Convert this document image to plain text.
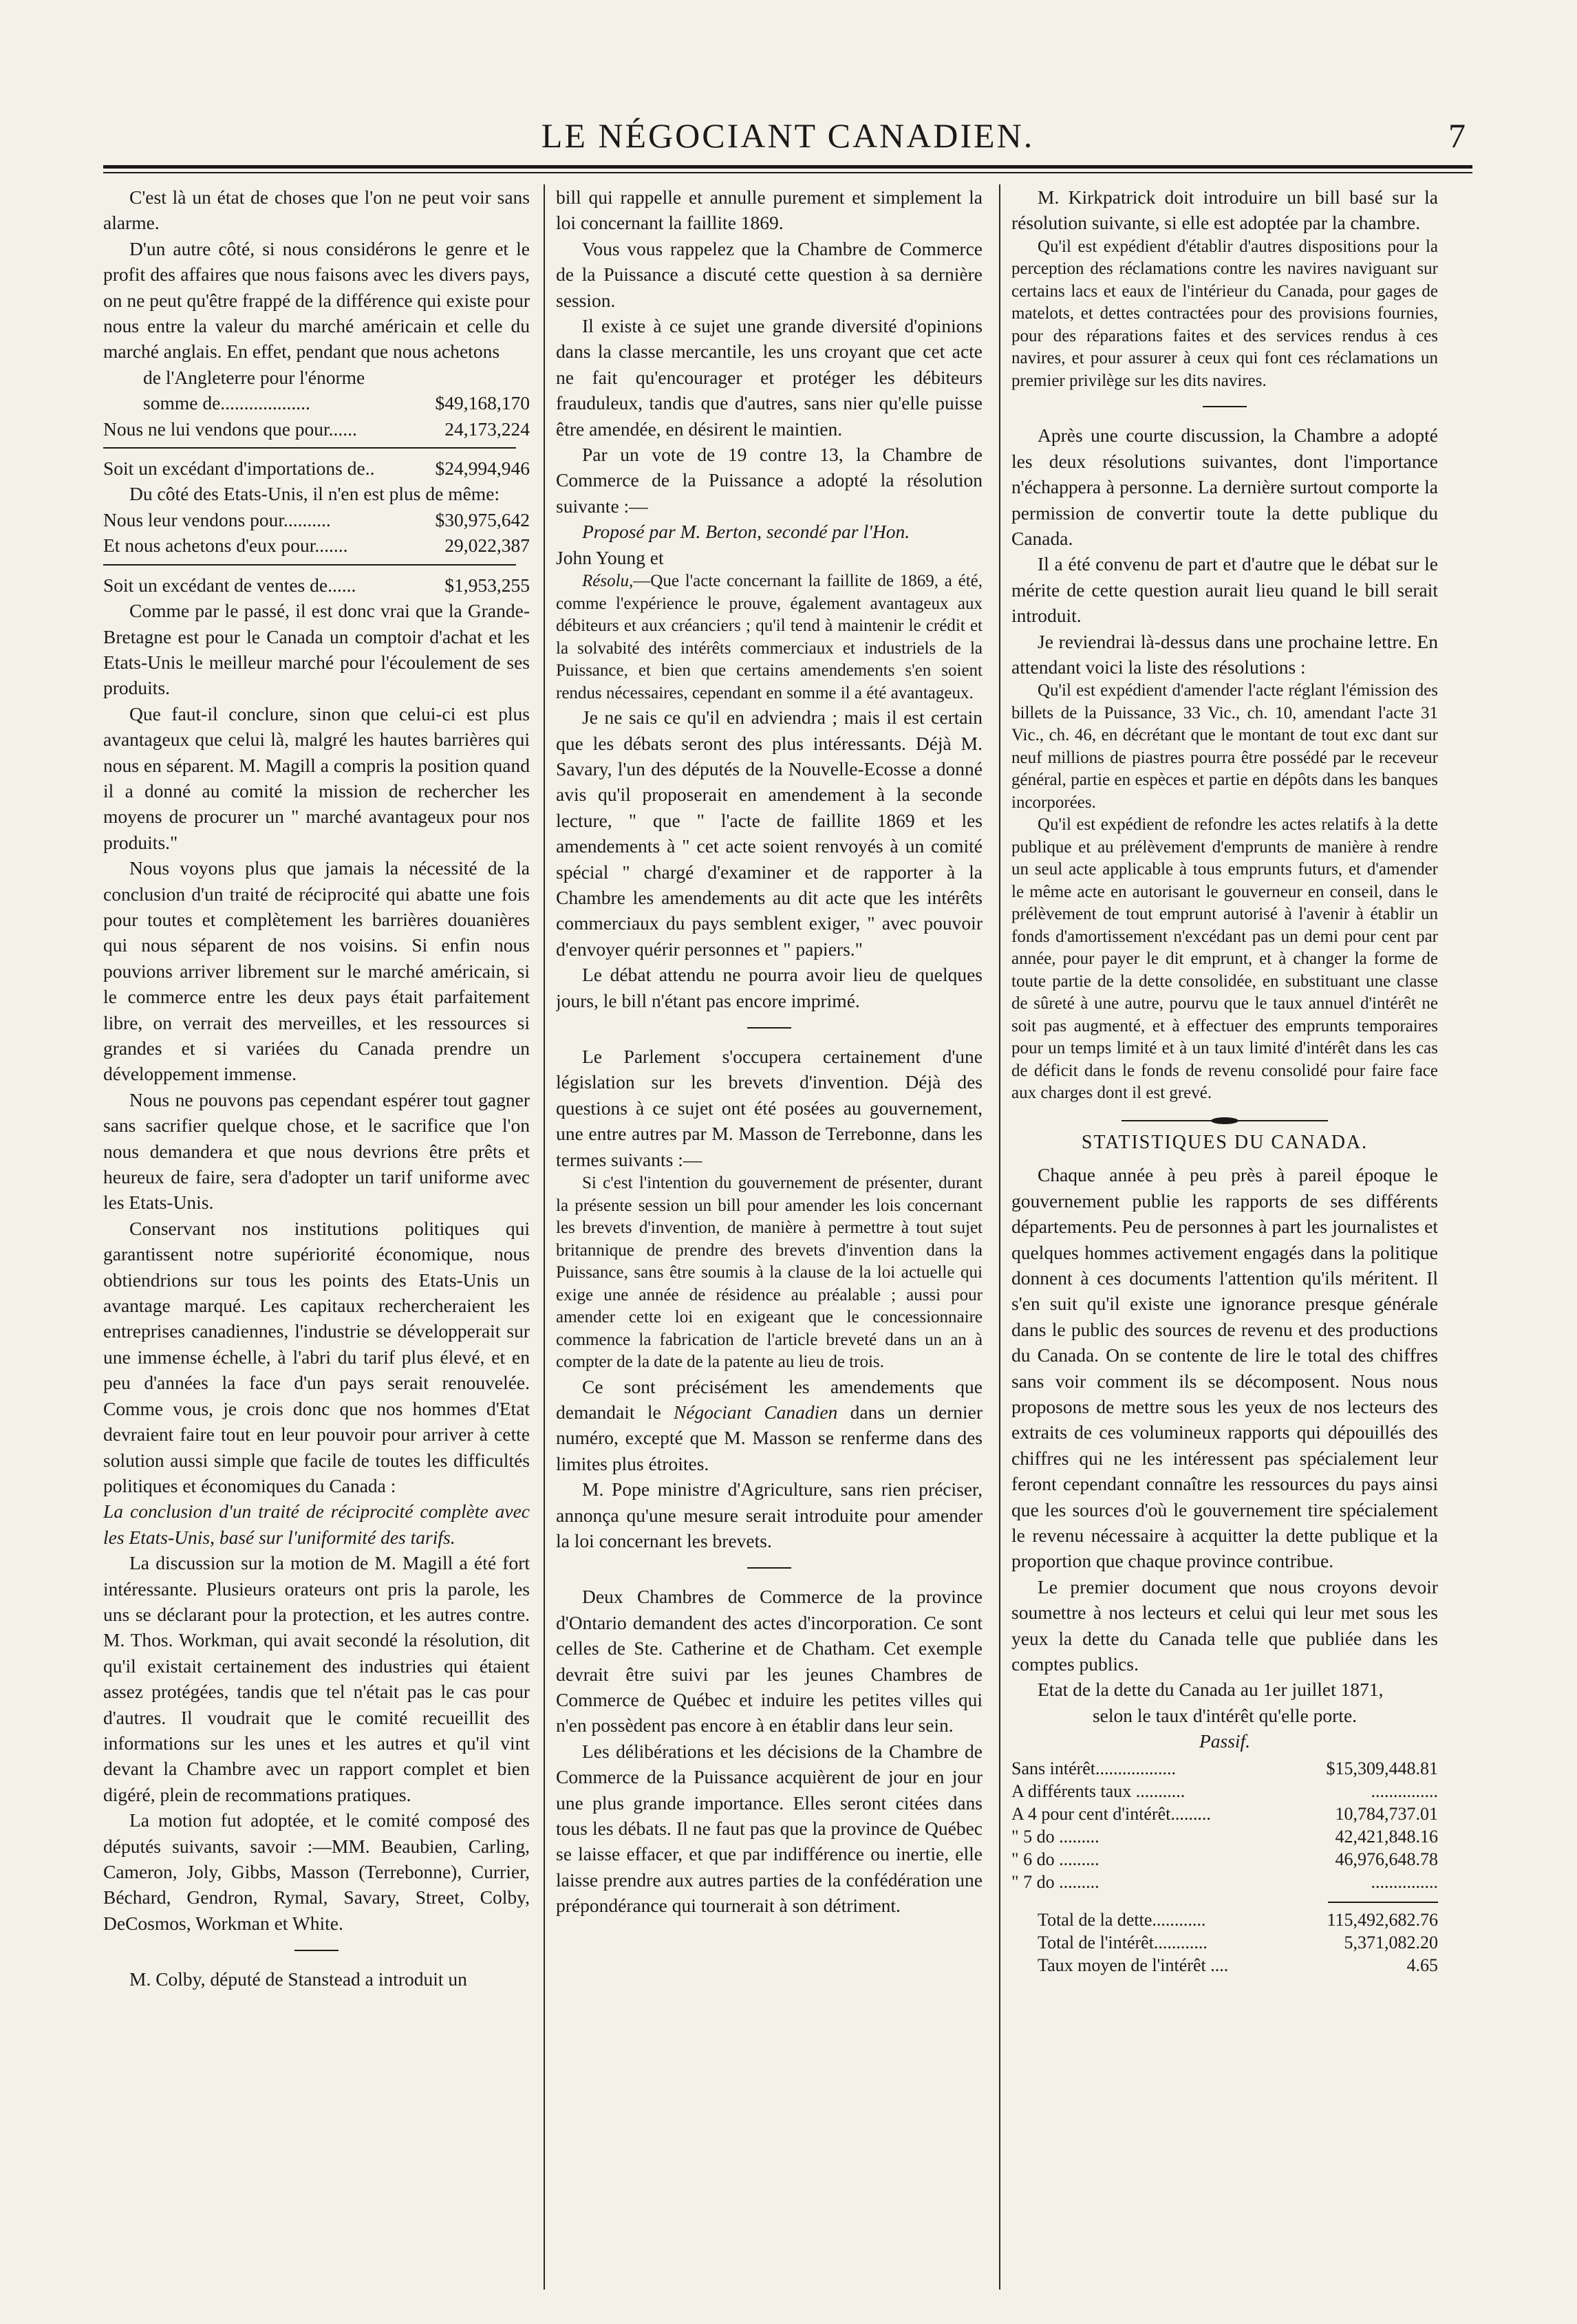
LE NÉGOCIANT CANADIEN.	7

C'est là un état de choses que l'on ne peut voir sans alarme.

D'un autre côté, si nous considérons le genre et le profit des affaires que nous faisons avec les divers pays, on ne peut qu'être frappé de la différence qui existe pour nous entre la valeur du marché américain et celle du marché anglais. En effet, pendant que nous achetons

de l'Angleterre pour l'énorme

somme de...................	$49,168,170
Nous ne lui vendons que pour......	24,173,224
Soit un excédant d'importations de..	$24,994,946

Du côté des Etats-Unis, il n'en est plus de même:

Nous leur vendons pour..........	$30,975,642
Et nous achetons d'eux pour.......	29,022,387
Soit un excédant de ventes de......	$1,953,255

Comme par le passé, il est donc vrai que la Grande-Bretagne est pour le Canada un comptoir d'achat et les Etats-Unis le meilleur marché pour l'écoulement de ses produits.

Que faut-il conclure, sinon que celui-ci est plus avantageux que celui là, malgré les hautes barrières qui nous en séparent. M. Magill a compris la position quand il a donné au comité la mission de rechercher les moyens de procurer un " marché avantageux pour nos produits."

Nous voyons plus que jamais la nécessité de la conclusion d'un traité de réciprocité qui abatte une fois pour toutes et complètement les barrières douanières qui nous séparent de nos voisins. Si enfin nous pouvions arriver librement sur le marché américain, si le commerce entre les deux pays était parfaitement libre, on verrait des merveilles, et les ressources si grandes et si variées du Canada prendre un développement immense.

Nous ne pouvons pas cependant espérer tout gagner sans sacrifier quelque chose, et le sacrifice que l'on nous demandera et que nous devrions être prêts et heureux de faire, sera d'adopter un tarif uniforme avec les Etats-Unis.

Conservant nos institutions politiques qui garantissent notre supériorité économique, nous obtiendrions sur tous les points des Etats-Unis un avantage marqué. Les capitaux rechercheraient les entreprises canadiennes, l'industrie se développerait sur une immense échelle, à l'abri du tarif plus élevé, et en peu d'années la face d'un pays serait renouvelée. Comme vous, je crois donc que nos hommes d'Etat devraient faire tout en leur pouvoir pour arriver à cette solution aussi simple que facile de toutes les difficultés politiques et économiques du Canada :

La conclusion d'un traité de réciprocité complète avec les Etats-Unis, basé sur l'uniformité des tarifs.

La discussion sur la motion de M. Magill a été fort intéressante. Plusieurs orateurs ont pris la parole, les uns se déclarant pour la protection, et les autres contre. M. Thos. Workman, qui avait secondé la résolution, dit qu'il existait certainement des industries qui étaient assez protégées, tandis que tel n'était pas le cas pour d'autres. Il voudrait que le comité recueillit des informations sur les unes et les autres et qu'il vint devant la Chambre avec un rapport complet et bien digéré, plein de recommations pratiques.

La motion fut adoptée, et le comité composé des députés suivants, savoir :—MM. Beaubien, Carling, Cameron, Joly, Gibbs, Masson (Terrebonne), Currier, Béchard, Gendron, Rymal, Savary, Street, Colby, DeCosmos, Workman et White.

M. Colby, député de Stanstead a introduit un

bill qui rappelle et annulle purement et simplement la loi concernant la faillite 1869.

Vous vous rappelez que la Chambre de Commerce de la Puissance a discuté cette question à sa dernière session.

Il existe à ce sujet une grande diversité d'opinions dans la classe mercantile, les uns croyant que cet acte ne fait qu'encourager et protéger les débiteurs frauduleux, tandis que d'autres, sans nier qu'elle puisse être amendée, en désirent le maintien.

Par un vote de 19 contre 13, la Chambre de Commerce de la Puissance a adopté la résolution suivante :—

Proposé par M. Berton, secondé par l'Hon.

John Young et

Résolu,—Que l'acte concernant la faillite de 1869, a été, comme l'expérience le prouve, également avantageux aux débiteurs et aux créanciers ; qu'il tend à maintenir le crédit et la solvabité des intérêts commerciaux et industriels de la Puissance, et bien que certains amendements s'en soient rendus nécessaires, cependant en somme il a été avantageux.

Je ne sais ce qu'il en adviendra ; mais il est certain que les débats seront des plus intéressants. Déjà M. Savary, l'un des députés de la Nouvelle-Ecosse a donné avis qu'il proposerait en amendement à la seconde lecture, " que " l'acte de faillite 1869 et les amendements à " cet acte soient renvoyés à un comité spécial " chargé d'examiner et de rapporter à la Chambre les amendements au dit acte que les intérêts commerciaux du pays semblent exiger, " avec pouvoir d'envoyer quérir personnes et " papiers."

Le débat attendu ne pourra avoir lieu de quelques jours, le bill n'étant pas encore imprimé.

Le Parlement s'occupera certainement d'une législation sur les brevets d'invention. Déjà des questions à ce sujet ont été posées au gouvernement, une entre autres par M. Masson de Terrebonne, dans les termes suivants :—

Si c'est l'intention du gouvernement de présenter, durant la présente session un bill pour amender les lois concernant les brevets d'invention, de manière à permettre à tout sujet britannique de prendre des brevets d'invention dans la Puissance, sans être soumis à la clause de la loi actuelle qui exige une année de résidence au préalable ; aussi pour amender cette loi en exigeant que le concessionnaire commence la fabrication de l'article breveté dans un an à compter de la date de la patente au lieu de trois.

Ce sont précisément les amendements que demandait le Négociant Canadien dans un dernier numéro, excepté que M. Masson se renferme dans des limites plus étroites.

M. Pope ministre d'Agriculture, sans rien préciser, annonça qu'une mesure serait introduite pour amender la loi concernant les brevets.

Deux Chambres de Commerce de la province d'Ontario demandent des actes d'incorporation. Ce sont celles de Ste. Catherine et de Chatham. Cet exemple devrait être suivi par les jeunes Chambres de Commerce de Québec et induire les petites villes qui n'en possèdent pas encore à en établir dans leur sein.

Les délibérations et les décisions de la Chambre de Commerce de la Puissance acquièrent de jour en jour une plus grande importance. Elles seront citées dans tous les débats. Il ne faut pas que la province de Québec se laisse effacer, et que par indifférence ou inertie, elle laisse prendre aux autres parties de la confédération une prépondérance qui tournerait à son détriment.

M. Kirkpatrick doit introduire un bill basé sur la résolution suivante, si elle est adoptée par la chambre.

Qu'il est expédient d'établir d'autres dispositions pour la perception des réclamations contre les navires naviguant sur certains lacs et eaux de l'intérieur du Canada, pour gages de matelots, et dettes contractées pour des provisions fournies, pour des réparations faites et des services rendus à ces navires, et pour assurer à ceux qui font ces réclamations un premier privilège sur les dits navires.

Après une courte discussion, la Chambre a adopté les deux résolutions suivantes, dont l'importance n'échappera à personne. La dernière surtout comporte la permission de convertir toute la dette publique du Canada.

Il a été convenu de part et d'autre que le débat sur le mérite de cette question aurait lieu quand le bill serait introduit.

Je reviendrai là-dessus dans une prochaine lettre. En attendant voici la liste des résolutions :

Qu'il est expédient d'amender l'acte réglant l'émission des billets de la Puissance, 33 Vic., ch. 10, amendant l'acte 31 Vic., ch. 46, en décrétant que le montant de tout exc dant sur neuf millions de piastres pourra être possédé par le receveur général, partie en espèces et partie en dépôts dans les banques incorporées.

Qu'il est expédient de refondre les actes relatifs à la dette publique et au prélèvement d'emprunts de manière à rendre un seul acte applicable à tous emprunts futurs, et d'amender le même acte en autorisant le gouverneur en conseil, dans le prélèvement de tout emprunt autorisé à l'avenir à établir un fonds d'amortissement n'excédant pas un demi pour cent par année, pour payer le dit emprunt, et à changer la forme de toute partie de la dette consolidée, en substituant une classe de sûreté à une autre, pourvu que le taux annuel d'intérêt ne soit pas augmenté, et à effectuer des emprunts temporaires pour un temps limité et à un taux limité d'intérêt dans les cas de déficit dans le fonds de revenu consolidé pour faire face aux charges dont il est grevé.

STATISTIQUES DU CANADA.

Chaque année à peu près à pareil époque le gouvernement publie les rapports de ses différents départements. Peu de personnes à part les journalistes et quelques hommes activement engagés dans la politique donnent à ces documents l'attention qu'ils méritent. Il s'en suit qu'il existe une ignorance presque générale dans le public des sources de revenu et des productions du Canada. On se contente de lire le total des chiffres sans voir comment ils se décomposent. Nous nous proposons de mettre sous les yeux de nos lecteurs des extraits de ces volumineux rapports qui dépouillés des chiffres qui ne les intéressent pas spécialement leur feront cependant connaître les ressources du pays ainsi que les sources d'où le gouvernement tire spécialement le revenu nécessaire à acquitter la dette publique et la proportion que chaque province contribue.

Le premier document que nous croyons devoir soumettre à nos lecteurs et celui qui leur met sous les yeux la dette du Canada telle que publiée dans les comptes publics.

Etat de la dette du Canada au 1er juillet 1871,

selon le taux d'intérêt qu'elle porte.

Passif.

Sans intérêt..................	$15,309,448.81
A différents taux ...........	...............
A 4 pour cent d'intérêt.........	10,784,737.01
" 5 do .........	42,421,848.16
" 6 do .........	46,976,648.78
" 7 do .........	...............
Total de la dette............	115,492,682.76
Total de l'intérêt............	5,371,082.20
Taux moyen de l'intérêt ....	4.65
